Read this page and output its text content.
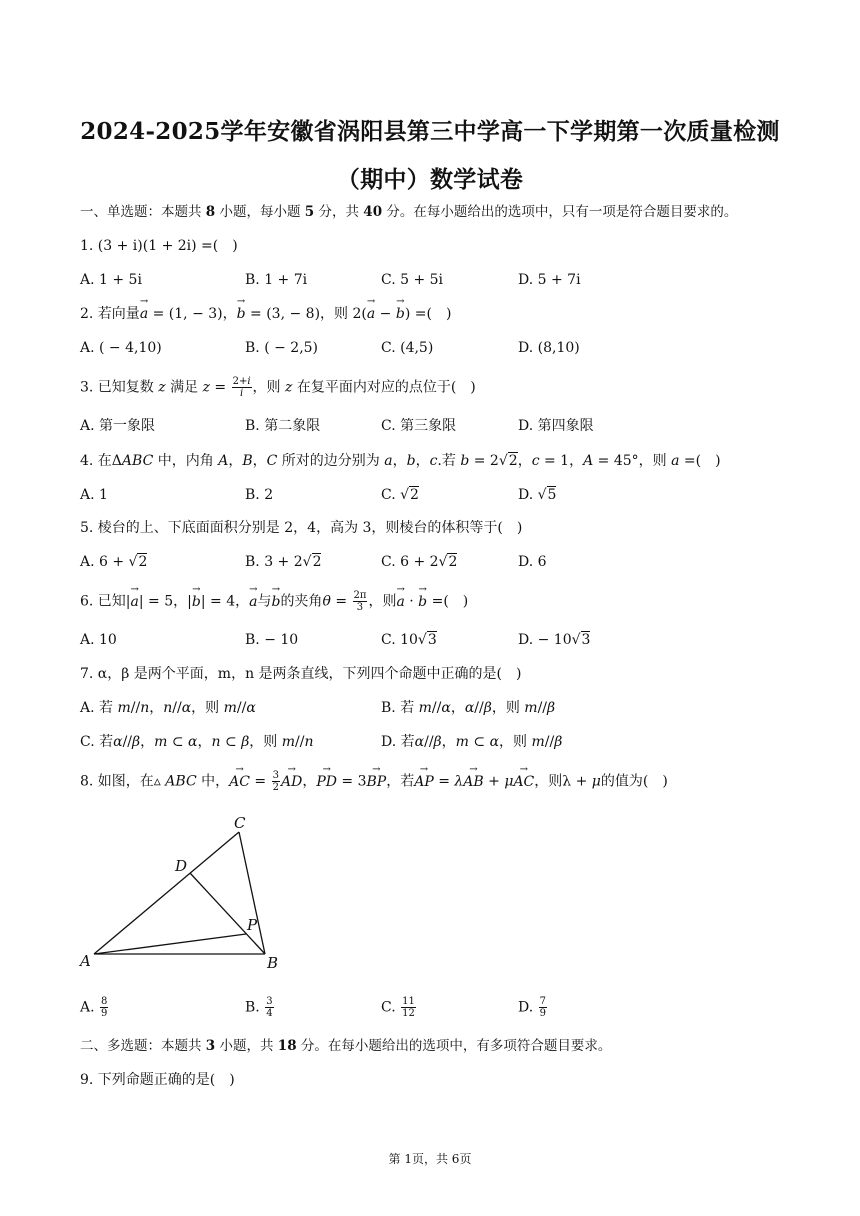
2024-2025学年安徽省涡阳县第三中学高一下学期第一次质量检测（期中）数学试卷
一、单选题：本题共 8 小题，每小题 5 分，共 40 分。在每小题给出的选项中，只有一项是符合题目要求的。
1. (3 + i)(1 + 2i) =( )
A. 1 + 5i	B. 1 + 7i	C. 5 + 5i	D. 5 + 7i
2. 若向量→ a = (1, − 3)，→ b = (3, − 8)，则 2(→ a − → b) =( )
A. ( − 4,10)	B. ( − 2,5)	C. (4,5)	D. (8,10)
3. 已知复数 z 满足 $z = \frac{2+i}{i}$ ，则 z 在复平面内对应的点位于( )
A. 第一象限	B. 第二象限	C. 第三象限	D. 第四象限
4. 在ΔABC 中，内角 A，B，C 所对的边分别为 a，b，c.若 b = 2√2，c = 1，A = 45°，则 a =( )
A. 1	B. 2	C. √2	D. √5
5. 棱台的上、下底面面积分别是 2，4，高为 3，则棱台的体积等于( )
A. 6 + √2	B. 3 + 2√2	C. 6 + 2√2	D. 6
6. 已知|→ a| = 5，|→ b| = 4，→ a与→ b的夹角$\theta = \frac{2\pi}{3}$ ，则→ a · → b =( )
A. 10	B. − 10	C. 10√3	D. − 10√3
7. α，β 是两个平面，m，n 是两条直线，下列四个命题中正确的是( )
A. 若 m//n，n//α，则 m//α	B. 若 m//α，α//β，则 m//β
C. 若α//β，m ⊂ α，n ⊂ β，则 m//n	D. 若α//β，m ⊂ α，则 m//β
8. 如图，在▵ ABC 中，→ AC = $\frac{3}{2}$
→ AD，→ PD = 3→ BP，若→ AP = λ→ AB + μ→ AC，则λ + μ的值为( )
A	B
C
D
P
A. $\frac{8}{9}$	B. $\frac{3}{4}$	C. $\frac{11}{12}$	D. $\frac{7}{9}$
二、多选题：本题共 3 小题，共 18 分。在每小题给出的选项中，有多项符合题目要求。
9. 下列命题正确的是( )
第 1页，共 6页
